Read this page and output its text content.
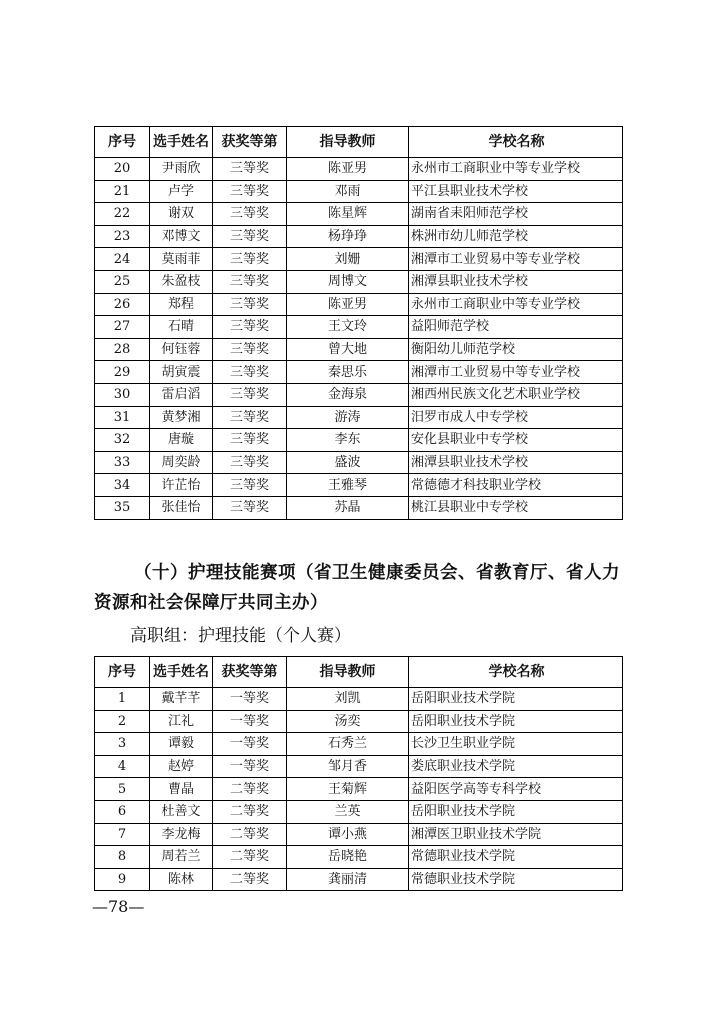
序号	选手姓名	获奖等第	指导教师	学校名称
20	尹雨欣	三等奖	陈亚男	永州市工商职业中等专业学校
21	卢学	三等奖	邓雨	平江县职业技术学校
22	谢双	三等奖	陈星辉	湖南省耒阳师范学校
23	邓博文	三等奖	杨琤琤	株洲市幼儿师范学校
24	莫雨菲	三等奖	刘姗	湘潭市工业贸易中等专业学校
25	朱盈枝	三等奖	周博文	湘潭县职业技术学校
26	郑程	三等奖	陈亚男	永州市工商职业中等专业学校
27	石晴	三等奖	王文玲	益阳师范学校
28	何钰蓉	三等奖	曾大地	衡阳幼儿师范学校
29	胡寅震	三等奖	秦思乐	湘潭市工业贸易中等专业学校
30	雷启滔	三等奖	金海泉	湘西州民族文化艺术职业学校
31	黄梦湘	三等奖	游涛	汨罗市成人中专学校
32	唐璇	三等奖	李东	安化县职业中专学校
33	周奕龄	三等奖	盛波	湘潭县职业技术学校
34	许芷怡	三等奖	王雅琴	常德德才科技职业学校
35	张佳怡	三等奖	苏晶	桃江县职业中专学校
（十）护理技能赛项（省卫生健康委员会、省教育厅、省人力资源和社会保障厅共同主办）
高职组：护理技能（个人赛）
序号	选手姓名	获奖等第	指导教师	学校名称
1	戴芊芊	一等奖	刘凯	岳阳职业技术学院
2	江礼	一等奖	汤奕	岳阳职业技术学院
3	谭毅	一等奖	石秀兰	长沙卫生职业学院
4	赵婷	一等奖	邹月香	娄底职业技术学院
5	曹晶	二等奖	王菊辉	益阳医学高等专科学校
6	杜善文	二等奖	兰英	岳阳职业技术学院
7	李龙梅	二等奖	谭小燕	湘潭医卫职业技术学院
8	周若兰	二等奖	岳晓艳	常德职业技术学院
9	陈林	二等奖	龚丽清	常德职业技术学院
—78—
